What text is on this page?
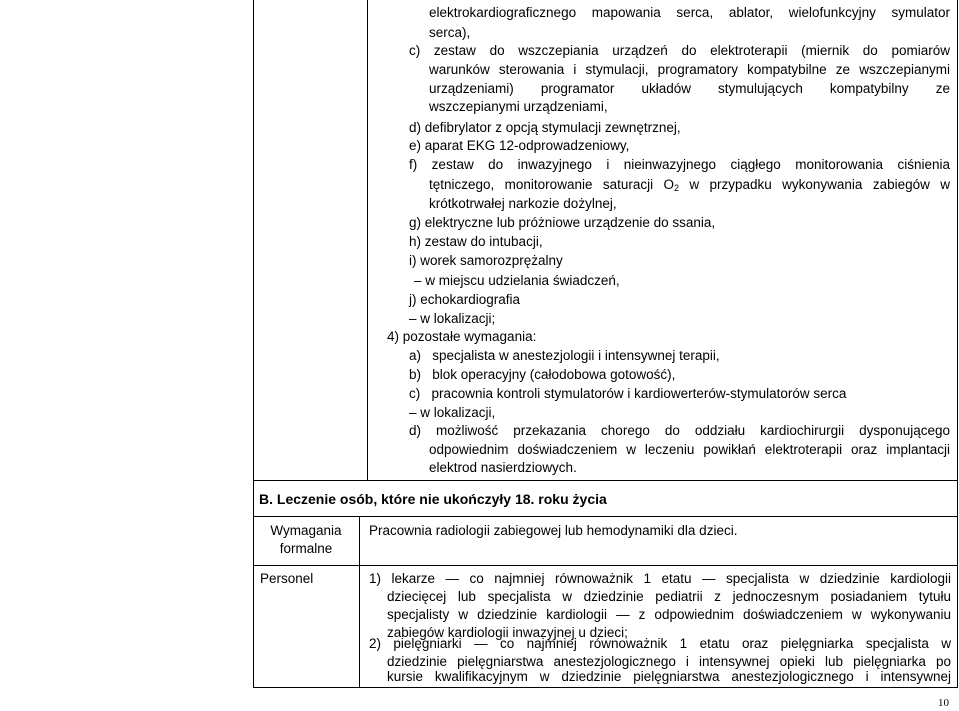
elektrokardiograficznego mapowania serca, ablator, wielofunkcyjny symulator
serca),
c) zestaw do wszczepiania urządzeń do elektroterapii (miernik do pomiarów
warunków sterowania i stymulacji, programatory kompatybilne ze wszczepianymi
urządzeniami) programator układów stymulujących kompatybilny ze
wszczepianymi urządzeniami,
d) defibrylator z opcją stymulacji zewnętrznej,
e) aparat EKG 12-odprowadzeniowy,
f) zestaw do inwazyjnego i nieinwazyjnego ciągłego monitorowania ciśnienia
tętniczego, monitorowanie saturacji $O_2$ w przypadku wykonywania zabiegów w
krótkotrwałej narkozie dożylnej,
g) elektryczne lub próżniowe urządzenie do ssania,
h) zestaw do intubacji,
i) worek samorozprężalny
– w miejscu udzielania świadczeń,
j) echokardiografia
– w lokalizacji;
4) pozostałe wymagania:
a)   specjalista w anestezjologii i intensywnej terapii,
b)   blok operacyjny (całodobowa gotowość),
c)   pracownia kontroli stymulatorów i kardiowerterów-stymulatorów serca
– w lokalizacji,
d) możliwość przekazania chorego do oddziału kardiochirurgii dysponującego
odpowiednim doświadczeniem w leczeniu powikłań elektroterapii oraz implantacji
elektrod nasierdziowych.
B. Leczenie osób, które nie ukończyły 18. roku życia
Wymagania
formalne
Pracownia radiologii zabiegowej lub hemodynamiki dla dzieci.
Personel	1) lekarze — co najmniej równoważnik 1 etatu — specjalista w dziedzinie kardiologii
dziecięcej lub specjalista w dziedzinie pediatrii z jednoczesnym posiadaniem tytułu
specjalisty w dziedzinie kardiologii — z odpowiednim doświadczeniem w wykonywaniu
zabiegów kardiologii inwazyjnej u dzieci;
2) pielęgniarki — co najmniej równoważnik 1 etatu oraz pielęgniarka specjalista w
dziedzinie pielęgniarstwa anestezjologicznego i intensywnej opieki lub pielęgniarka po
kursie kwalifikacyjnym w dziedzinie pielęgniarstwa anestezjologicznego i intensywnej
10
